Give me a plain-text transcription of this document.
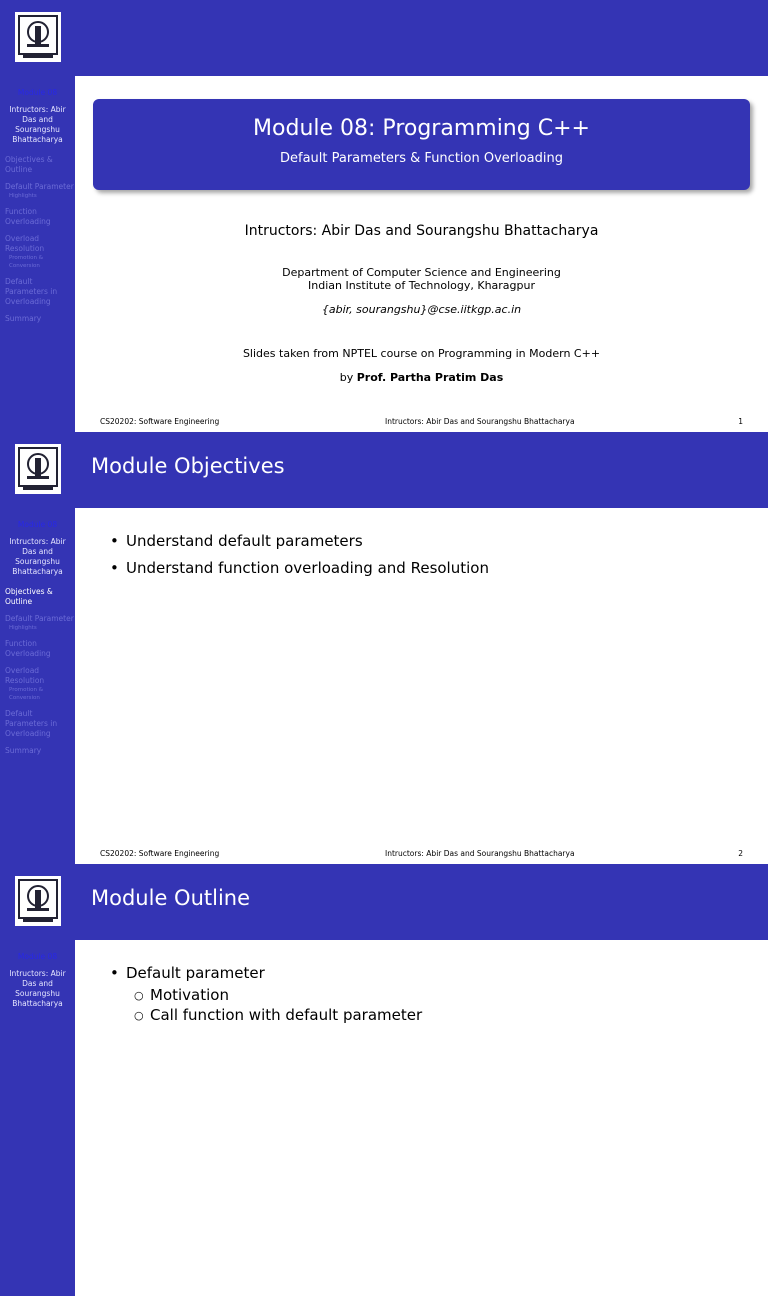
Module 08
Intructors: Abir Das and Sourangshu Bhattacharya
Objectives & Outline
Default Parameter
Highlights
Function Overloading
Overload Resolution
Promotion & Conversion
Default Parameters in Overloading
Summary
Module 08: Programming C++
Default Parameters & Function Overloading
Intructors: Abir Das and Sourangshu Bhattacharya
Department of Computer Science and Engineering
Indian Institute of Technology, Kharagpur
{abir, sourangshu}@cse.iitkgp.ac.in
Slides taken from NPTEL course on Programming in Modern C++
by Prof. Partha Pratim Das
CS20202: Software Engineering	Intructors: Abir Das and Sourangshu Bhattacharya	1
Module 08
Intructors: Abir Das and Sourangshu Bhattacharya
Objectives & Outline
Default Parameter
Highlights
Function Overloading
Overload Resolution
Promotion & Conversion
Default Parameters in Overloading
Summary
Module Objectives
• Understand default parameters
• Understand function overloading and Resolution
CS20202: Software Engineering	Intructors: Abir Das and Sourangshu Bhattacharya	2
Module 08
Intructors: Abir Das and Sourangshu Bhattacharya
Module Outline
• Default parameter
○ Motivation
○ Call function with default parameter
